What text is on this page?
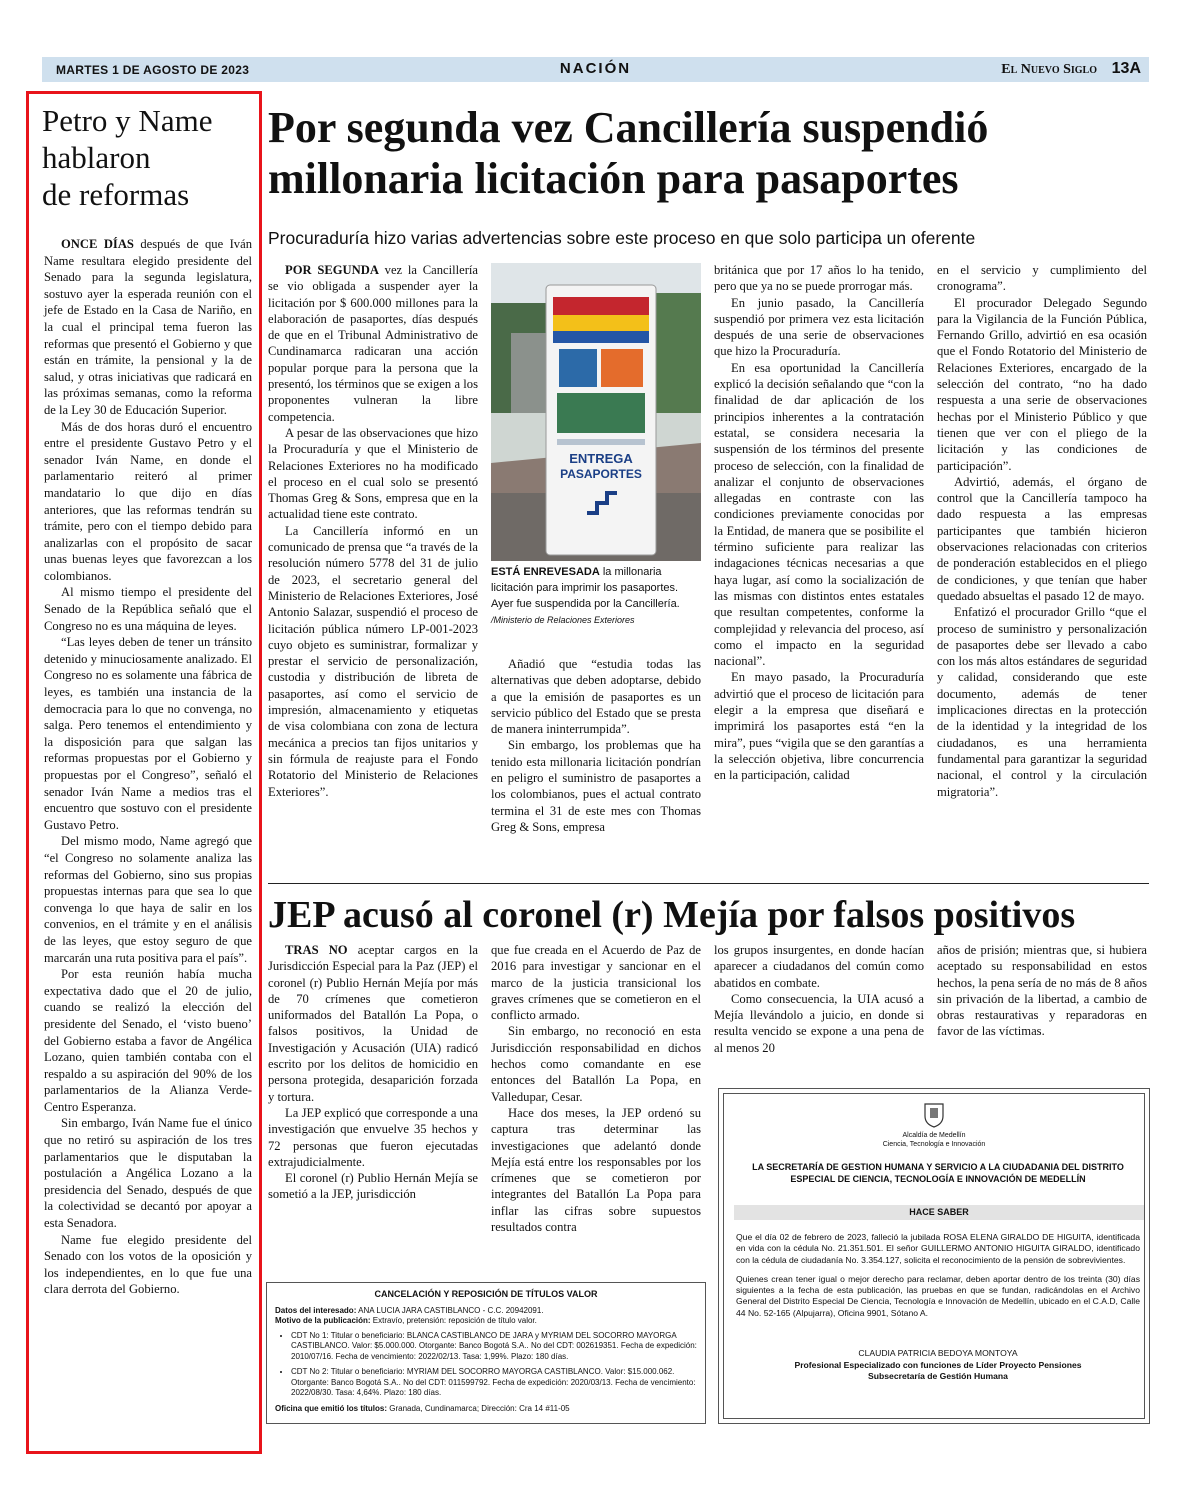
MARTES 1 DE AGOSTO DE 2023	NACIÓN	El Nuevo Siglo 13A
Petro y Name
hablaron
de reformas

ONCE DÍAS después de que Iván Name resultara elegido presidente del Senado para la segunda legislatura, sostuvo ayer la esperada reunión con el jefe de Estado en la Casa de Nariño, en la cual el principal tema fueron las reformas que presentó el Gobierno y que están en trámite, la pensional y la de salud, y otras iniciativas que radicará en las próximas semanas, como la reforma de la Ley 30 de Educación Superior.

Más de dos horas duró el encuentro entre el presidente Gustavo Petro y el senador Iván Name, en donde el parlamentario reiteró al primer mandatario lo que dijo en días anteriores, que las reformas tendrán su trámite, pero con el tiempo debido para analizarlas con el propósito de sacar unas buenas leyes que favorezcan a los colombianos.

Al mismo tiempo el presidente del Senado de la República señaló que el Congreso no es una máquina de leyes.

“Las leyes deben de tener un tránsito detenido y minuciosamente analizado. El Congreso no es solamente una fábrica de leyes, es también una instancia de la democracia para lo que no convenga, no salga. Pero tenemos el entendimiento y la disposición para que salgan las reformas propuestas por el Gobierno y propuestas por el Congreso”, señaló el senador Iván Name a medios tras el encuentro que sostuvo con el presidente Gustavo Petro.

Del mismo modo, Name agregó que “el Congreso no solamente analiza las reformas del Gobierno, sino sus propias propuestas internas para que sea lo que convenga lo que haya de salir en los convenios, en el trámite y en el análisis de las leyes, que estoy seguro de que marcarán una ruta positiva para el país”.

Por esta reunión había mucha expectativa dado que el 20 de julio, cuando se realizó la elección del presidente del Senado, el ‘visto bueno’ del Gobierno estaba a favor de Angélica Lozano, quien también contaba con el respaldo a su aspiración del 90% de los parlamentarios de la Alianza Verde-Centro Esperanza.

Sin embargo, Iván Name fue el único que no retiró su aspiración de los tres parlamentarios que le disputaban la postulación a Angélica Lozano a la presidencia del Senado, después de que la colectividad se decantó por apoyar a esta Senadora.

Name fue elegido presidente del Senado con los votos de la oposición y los independientes, en lo que fue una clara derrota del Gobierno.

Por segunda vez Cancillería suspendió millonaria licitación para pasaportes
Procuraduría hizo varias advertencias sobre este proceso en que solo participa un oferente

POR SEGUNDA vez la Cancillería se vio obligada a suspender ayer la licitación por $ 600.000 millones para la elaboración de pasaportes, días después de que en el Tribunal Administrativo de Cundinamarca radicaran una acción popular porque para la persona que la presentó, los términos que se exigen a los proponentes vulneran la libre competencia.

A pesar de las observaciones que hizo la Procuraduría y que el Ministerio de Relaciones Exteriores no ha modificado el proceso en el cual solo se presentó Thomas Greg & Sons, empresa que en la actualidad tiene este contrato.

La Cancillería informó en un comunicado de prensa que “a través de la resolución número 5778 del 31 de julio de 2023, el secretario general del Ministerio de Relaciones Exteriores, José Antonio Salazar, suspendió el proceso de licitación pública número LP-001-2023 cuyo objeto es suministrar, formalizar y prestar el servicio de personalización, custodia y distribución de libreta de pasaportes, así como el servicio de impresión, almacenamiento y etiquetas de visa colombiana con zona de lectura mecánica a precios tan fijos unitarios y sin fórmula de reajuste para el Fondo Rotatorio del Ministerio de Relaciones Exteriores”.

ENTREGA
PASAPORTES
ESTÁ ENREVESADA la millonaria licitación para imprimir los pasaportes. Ayer fue suspendida por la Cancillería. /Ministerio de Relaciones Exteriores

Añadió que “estudia todas las alternativas que deben adoptarse, debido a que la emisión de pasaportes es un servicio público del Estado que se presta de manera ininterrumpida”.

Sin embargo, los problemas que ha tenido esta millonaria licitación pondrían en peligro el suministro de pasaportes a los colombianos, pues el actual contrato termina el 31 de este mes con Thomas Greg & Sons, empresa

británica que por 17 años lo ha tenido, pero que ya no se puede prorrogar más.

En junio pasado, la Cancillería suspendió por primera vez esta licitación después de una serie de observaciones que hizo la Procuraduría.

En esa oportunidad la Cancillería explicó la decisión señalando que “con la finalidad de dar aplicación de los principios inherentes a la contratación estatal, se considera necesaria la suspensión de los términos del presente proceso de selección, con la finalidad de analizar el conjunto de observaciones allegadas en contraste con las condiciones previamente conocidas por la Entidad, de manera que se posibilite el término suficiente para realizar las indagaciones técnicas necesarias a que haya lugar, así como la socialización de las mismas con distintos entes estatales que resultan competentes, conforme la complejidad y relevancia del proceso, así como el impacto en la seguridad nacional”.

En mayo pasado, la Procuraduría advirtió que el proceso de licitación para elegir a la empresa que diseñará e imprimirá los pasaportes está “en la mira”, pues “vigila que se den garantías a la selección objetiva, libre concurrencia en la participación, calidad

en el servicio y cumplimiento del cronograma”.

El procurador Delegado Segundo para la Vigilancia de la Función Pública, Fernando Grillo, advirtió en esa ocasión que el Fondo Rotatorio del Ministerio de Relaciones Exteriores, encargado de la selección del contrato, “no ha dado respuesta a una serie de observaciones hechas por el Ministerio Público y que tienen que ver con el pliego de la licitación y las condiciones de participación”.

Advirtió, además, el órgano de control que la Cancillería tampoco ha dado respuesta a las empresas participantes que también hicieron observaciones relacionadas con criterios de ponderación establecidos en el pliego de condiciones, y que tenían que haber quedado absueltas el pasado 12 de mayo.

Enfatizó el procurador Grillo “que el proceso de suministro y personalización de pasaportes debe ser llevado a cabo con los más altos estándares de seguridad y calidad, considerando que este documento, además de tener implicaciones directas en la protección de la identidad y la integridad de los ciudadanos, es una herramienta fundamental para garantizar la seguridad nacional, el control y la circulación migratoria”.

JEP acusó al coronel (r) Mejía por falsos positivos

TRAS NO aceptar cargos en la Jurisdicción Especial para la Paz (JEP) el coronel (r) Publio Hernán Mejía por más de 70 crímenes que cometieron uniformados del Batallón La Popa, o falsos positivos, la Unidad de Investigación y Acusación (UIA) radicó escrito por los delitos de homicidio en persona protegida, desaparición forzada y tortura.

La JEP explicó que corresponde a una investigación que envuelve 35 hechos y 72 personas que fueron ejecutadas extrajudicialmente.

El coronel (r) Publio Hernán Mejía se sometió a la JEP, jurisdicción

que fue creada en el Acuerdo de Paz de 2016 para investigar y sancionar en el marco de la justicia transicional los graves crímenes que se cometieron en el conflicto armado.

Sin embargo, no reconoció en esta Jurisdicción responsabilidad en dichos hechos como comandante en ese entonces del Batallón La Popa, en Valledupar, Cesar.

Hace dos meses, la JEP ordenó su captura tras determinar las investigaciones que adelantó donde Mejía está entre los responsables por los crímenes que se cometieron por integrantes del Batallón La Popa para inflar las cifras sobre supuestos resultados contra

los grupos insurgentes, en donde hacían aparecer a ciudadanos del común como abatidos en combate.

Como consecuencia, la UIA acusó a Mejía llevándolo a juicio, en donde si resulta vencido se expone a una pena de al menos 20

años de prisión; mientras que, si hubiera aceptado su responsabilidad en estos hechos, la pena sería de no más de 8 años sin privación de la libertad, a cambio de obras restaurativas y reparadoras en favor de las víctimas.
CANCELACIÓN Y REPOSICIÓN DE TÍTULOS VALOR
Datos del interesado: ANA LUCIA JARA CASTIBLANCO - C.C. 20942091.
Motivo de la publicación: Extravío, pretensión: reposición de título valor.
• CDT No 1: Titular o beneficiario: BLANCA CASTIBLANCO DE JARA y MYRIAM DEL SOCORRO MAYORGA CASTIBLANCO. Valor: $5.000.000. Otorgante: Banco Bogotá S.A.. No del CDT: 002619351. Fecha de expedición: 2010/07/16. Fecha de vencimiento: 2022/02/13. Tasa: 1,99%. Plazo: 180 días.
• CDT No 2: Titular o beneficiario: MYRIAM DEL SOCORRO MAYORGA CASTIBLANCO. Valor: $15.000.062. Otorgante: Banco Bogotá S.A.. No del CDT: 011599792. Fecha de expedición: 2020/03/13. Fecha de vencimiento: 2022/08/30. Tasa: 4,64%. Plazo: 180 días.
Oficina que emitió los títulos: Granada, Cundinamarca; Dirección: Cra 14 #11-05
Alcaldía de Medellín
Ciencia, Tecnología e Innovación
LA SECRETARÍA DE GESTION HUMANA Y SERVICIO A LA CIUDADANIA DEL DISTRITO ESPECIAL DE CIENCIA, TECNOLOGÍA E INNOVACIÓN DE MEDELLÍN
HACE SABER

Que el día 02 de febrero de 2023, falleció la jubilada ROSA ELENA GIRALDO DE HIGUITA, identificada en vida con la cédula No. 21.351.501. El señor GUILLERMO ANTONIO HIGUITA GIRALDO, identificado con la cédula de ciudadanía No. 3.354.127, solicita el reconocimiento de la pensión de sobrevivientes.

Quienes crean tener igual o mejor derecho para reclamar, deben aportar dentro de los treinta (30) días siguientes a la fecha de esta publicación, las pruebas en que se fundan, radicándolas en el Archivo General del Distrito Especial De Ciencia, Tecnología e Innovación de Medellín, ubicado en el C.A.D, Calle 44 No. 52-165 (Alpujarra), Oficina 9901, Sótano A.

CLAUDIA PATRICIA BEDOYA MONTOYA
Profesional Especializado con funciones de Líder Proyecto Pensiones
Subsecretaría de Gestión Humana
